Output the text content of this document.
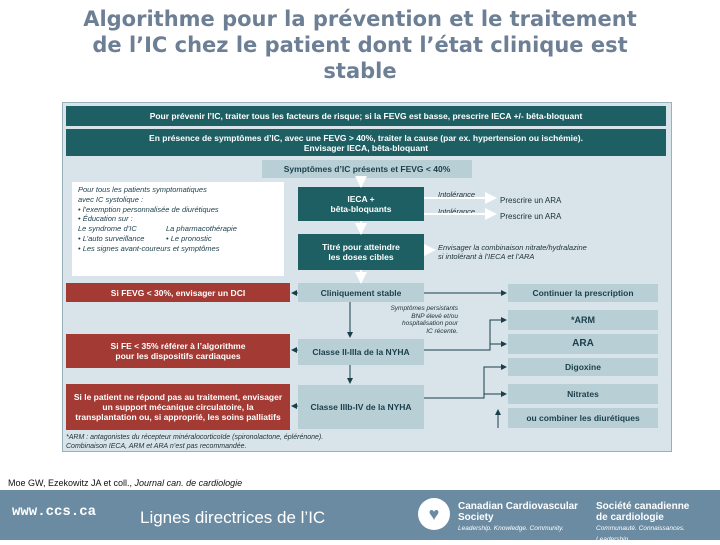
Algorithme pour la prévention et le traitement
de l’IC chez le patient dont l’état clinique est
stable
Pour prévenir l’IC, traiter tous les facteurs de risque; si la FEVG est basse, prescrire IECA +/- bêta-bloquant
En présence de symptômes d’IC, avec une FEVG > 40%, traiter la cause (par ex. hypertension ou ischémie).
Envisager IECA, bêta-bloquant
Symptômes d’IC présents et FEVG < 40%
Pour tous les patients symptomatiques
avec IC systolique :
• l’exemption personnalisée de diurétiques
• Éducation sur :
Le syndrome d’IC	La pharmacothérapie
• L’auto surveillance	• Le pronostic
• Les signes avant-coureurs et symptômes
IECA +
bêta-bloquants
Titré pour atteindre
les doses cibles
Cliniquement stable
Classe II-IIIa de la NYHA
Classe IIIb-IV de la NYHA
Intolérance
Intolérance
Prescrire un ARA
Prescrire un ARA
Envisager la combinaison nitrate/hydralazine
si intolérant à l’IECA et l’ARA
Symptômes persistants
BNP élevé et/ou
hospitalisation pour
IC récente.
Si FEVG < 30%, envisager un DCI
Si FE < 35% référer à l’algorithme
pour les dispositifs cardiaques
Si le patient ne répond pas au traitement, envisager
un support mécanique circulatoire, la
transplantation ou, si approprié, les soins palliatifs
Continuer la prescription
*ARM
ARA
Digoxine
Nitrates
ou combiner les diurétiques
*ARM : antagonistes du récepteur minéralocorticoïde (spironolactone, éplérénone).
Combinaison IECA, ARM et ARA n’est pas recommandée.
Moe GW, Ezekowitz JA et coll., Journal can. de cardiologie
www.ccs.ca	Lignes directrices de l’IC	♥	Canadian Cardiovascular
Society
Leadership. Knowledge. Community.
Société canadienne
de cardiologie
Communauté. Connaissances. Leadership.
